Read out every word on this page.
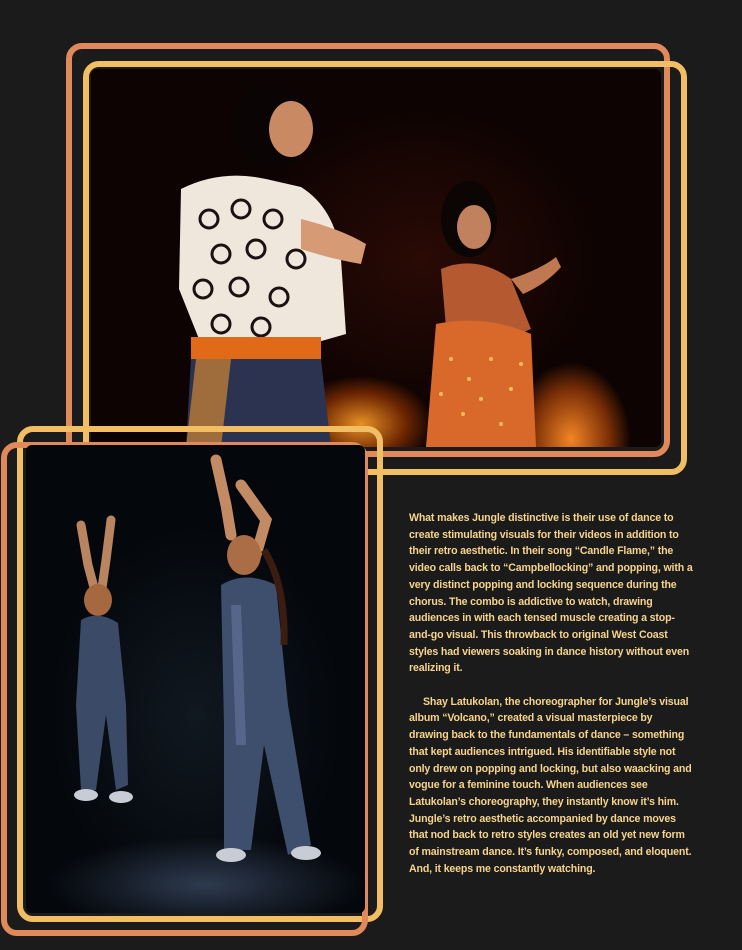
What makes Jungle distinctive is their use of dance to create stimulating visuals for their videos in addition to their retro aesthetic. In their song “Candle Flame,” the video calls back to “Campbellocking” and popping, with a very distinct popping and locking sequence during the chorus. The combo is addictive to watch, drawing audiences in with each tensed muscle creating a stop-and-go visual. This throwback to original West Coast styles had viewers soaking in dance history without even realizing it.

Shay Latukolan, the choreographer for Jungle’s visual album “Volcano,” created a visual masterpiece by drawing back to the fundamentals of dance – something that kept audiences intrigued. His identifiable style not only drew on popping and locking, but also waacking and vogue for a feminine touch. When audiences see Latukolan’s choreography, they instantly know it’s him. Jungle’s retro aesthetic accompanied by dance moves that nod back to retro styles creates an old yet new form of mainstream dance. It’s funky, composed, and eloquent. And, it keeps me constantly watching.
